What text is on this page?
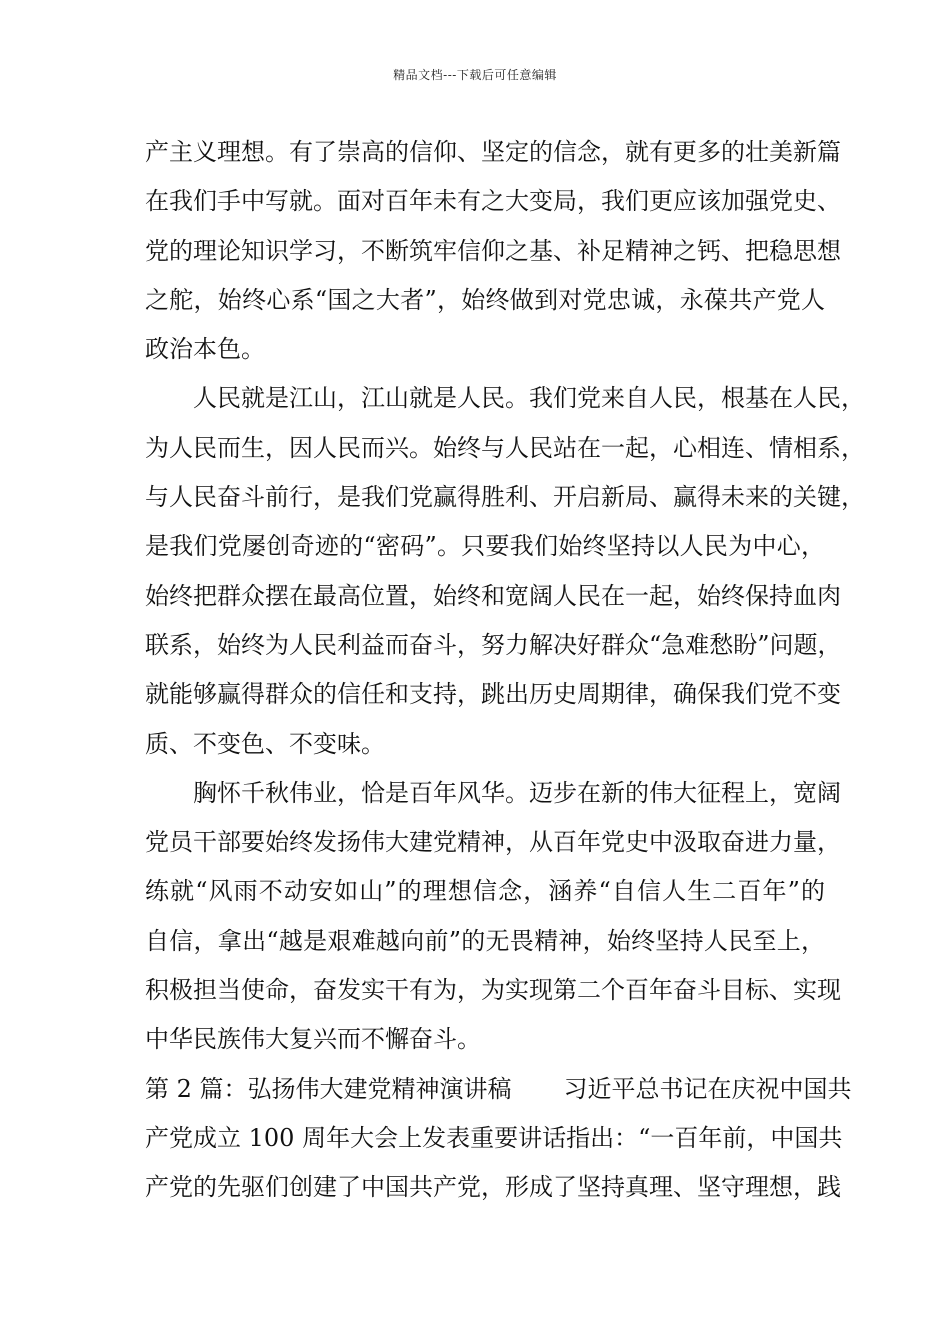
精品文档---下载后可任意编辑
产主义理想。有了崇高的信仰、坚定的信念，就有更多的壮美新篇
在我们手中写就。面对百年未有之大变局，我们更应该加强党史、
党的理论知识学习，不断筑牢信仰之基、补足精神之钙、把稳思想
之舵，始终心系“国之大者”，始终做到对党忠诚，永葆共产党人
政治本色。
人民就是江山，江山就是人民。我们党来自人民，根基在人民，
为人民而生，因人民而兴。始终与人民站在一起，心相连、情相系，
与人民奋斗前行，是我们党赢得胜利、开启新局、赢得未来的关键，
是我们党屡创奇迹的“密码”。只要我们始终坚持以人民为中心，
始终把群众摆在最高位置，始终和宽阔人民在一起，始终保持血肉
联系，始终为人民利益而奋斗，努力解决好群众“急难愁盼”问题，
就能够赢得群众的信任和支持，跳出历史周期律，确保我们党不变
质、不变色、不变味。
胸怀千秋伟业，恰是百年风华。迈步在新的伟大征程上，宽阔
党员干部要始终发扬伟大建党精神，从百年党史中汲取奋进力量，
练就“风雨不动安如山”的理想信念，涵养“自信人生二百年”的
自信，拿出“越是艰难越向前”的无畏精神，始终坚持人民至上，
积极担当使命，奋发实干有为，为实现第二个百年奋斗目标、实现
中华民族伟大复兴而不懈奋斗。
第 2 篇：弘扬伟大建党精神演讲稿 习近平总书记在庆祝中国共
产党成立 100 周年大会上发表重要讲话指出：“一百年前，中国共
产党的先驱们创建了中国共产党，形成了坚持真理、坚守理想，践
